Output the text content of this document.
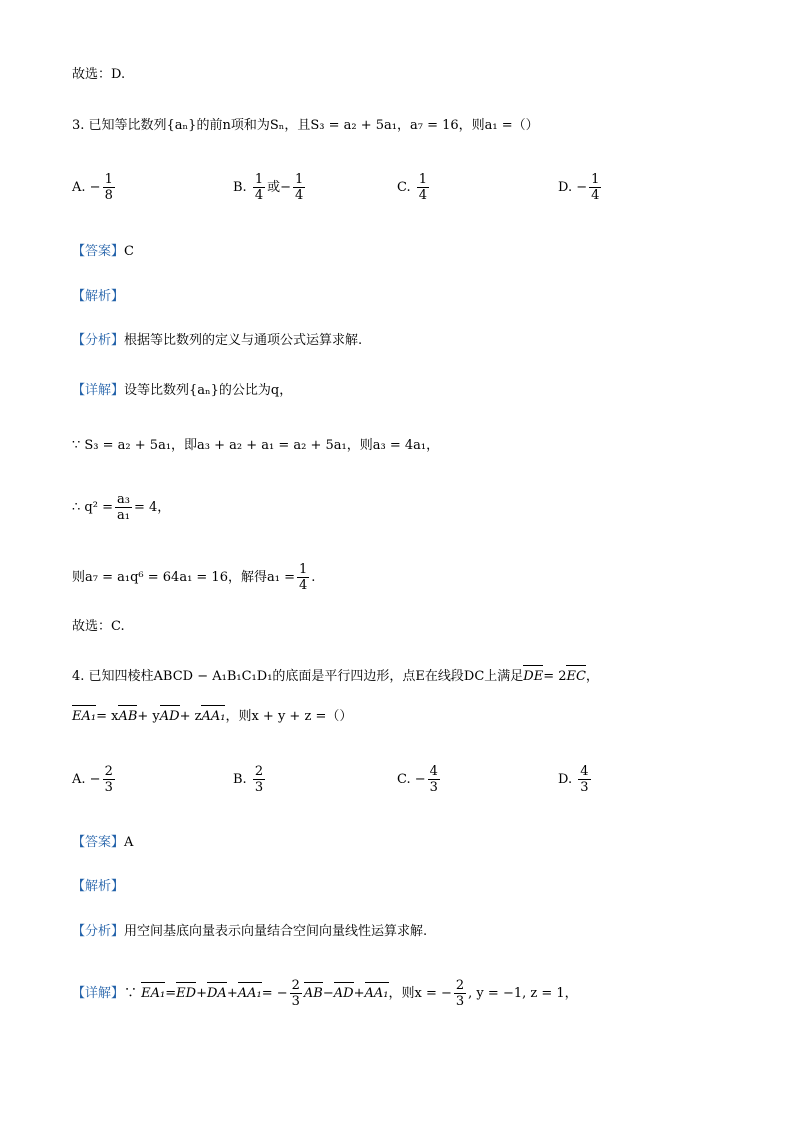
故选：D.
3. 已知等比数列{aₙ}的前n项和为Sₙ，且S₃ = a₂ + 5a₁，a₇ = 16，则a₁ =（）
A. − $\frac{1}{8}$	B. $\frac{1}{4}$ 或− $\frac{1}{4}$	C. $\frac{1}{4}$	D. − $\frac{1}{4}$
【答案】C
【解析】
【分析】根据等比数列的定义与通项公式运算求解.
【详解】设等比数列{aₙ}的公比为q，
∵ S₃ = a₂ + 5a₁，即a₃ + a₂ + a₁ = a₂ + 5a₁，则a₃ = 4a₁，
∴ $q^2 = \frac{\text{a₃}}{\text{a₁}} = 4$，
则a₇ = a₁q⁶ = 64a₁ = 16，解得$a_1 = \frac{1}{4}$ .
故选：C.
4. 已知四棱柱ABCD − A₁B₁C₁D₁的底面是平行四边形，点E在线段DC上满足DE= 2EC，
EA₁= xAB+ yAD+ zAA₁，则x + y + z =（）
A. − $\frac{2}{3}$	B. $\frac{2}{3}$	C. − $\frac{4}{3}$	D. $\frac{4}{3}$
【答案】A
【解析】
【分析】用空间基底向量表示向量结合空间向量线性运算求解.
【详解】∵ $EA_1=ED+DA+AA_1= - \frac{2}{3} AB-AD+AA_1$，则x = − $\frac{2}{3}$ , y = −1, z = 1，
